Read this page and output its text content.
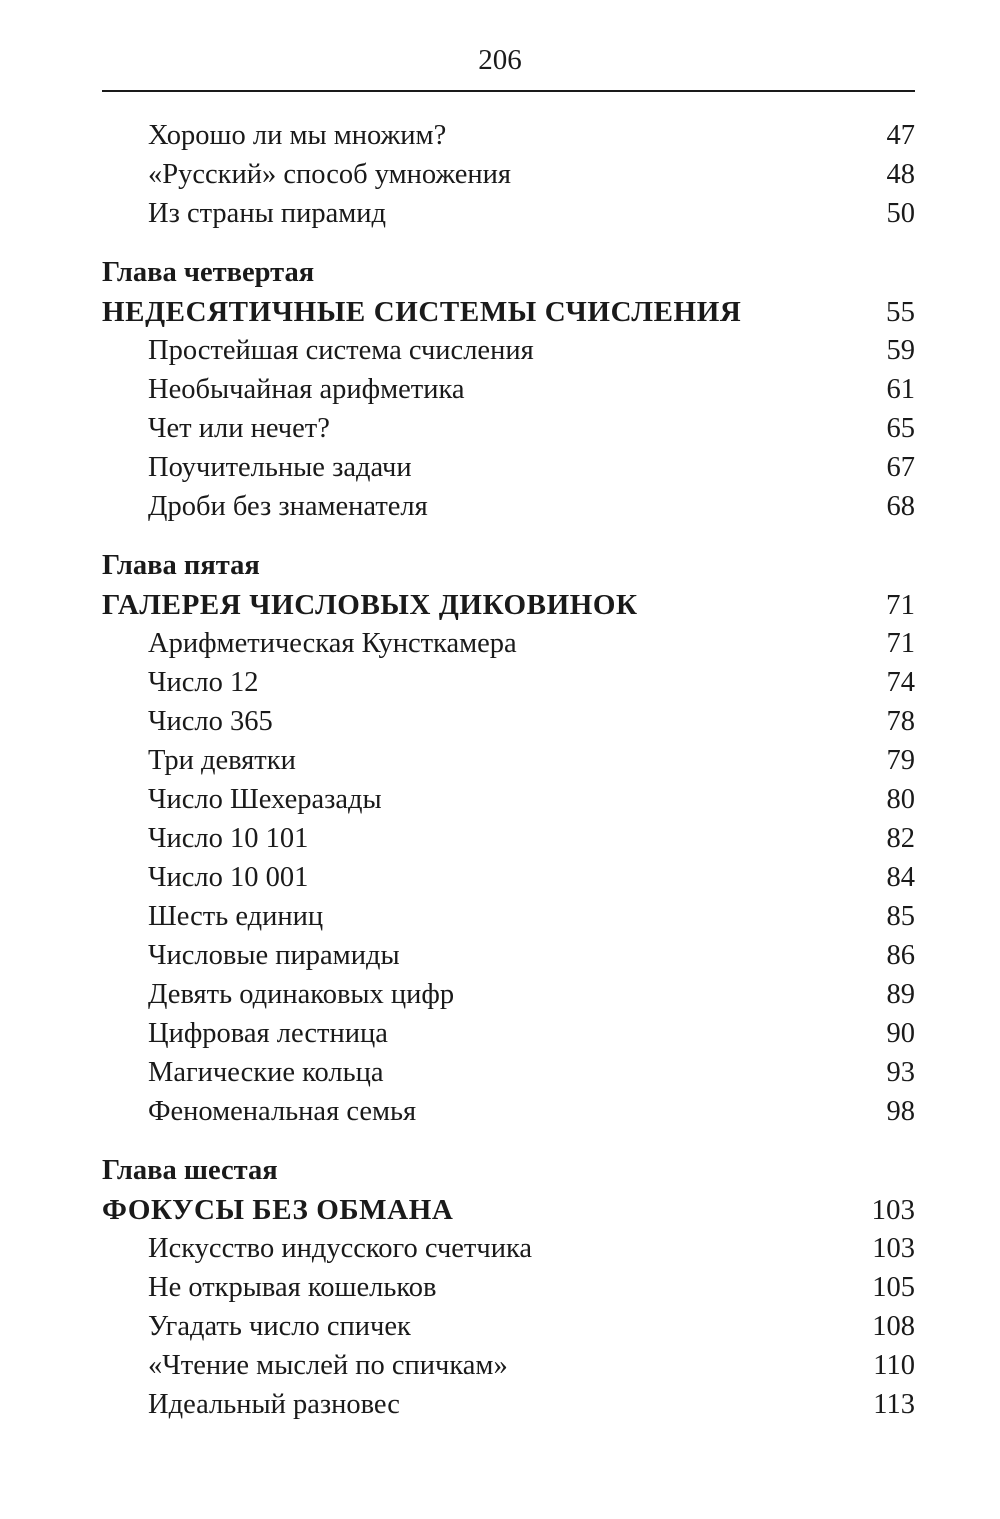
206
Хорошо ли мы множим?	47
«Русский» способ умножения	48
Из страны пирамид	50
Глава четвертая
НЕДЕСЯТИЧНЫЕ СИСТЕМЫ СЧИСЛЕНИЯ	55
Простейшая система счисления	59
Необычайная арифметика	61
Чет или нечет?	65
Поучительные задачи	67
Дроби без знаменателя	68
Глава пятая
ГАЛЕРЕЯ ЧИСЛОВЫХ ДИКОВИНОК	71
Арифметическая Кунсткамера	71
Число 12	74
Число 365	78
Три девятки	79
Число Шехеразады	80
Число 10 101	82
Число 10 001	84
Шесть единиц	85
Числовые пирамиды	86
Девять одинаковых цифр	89
Цифровая лестница	90
Магические кольца	93
Феноменальная семья	98
Глава шестая
ФОКУСЫ БЕЗ ОБМАНА	103
Искусство индусского счетчика	103
Не открывая кошельков	105
Угадать число спичек	108
«Чтение мыслей по спичкам»	110
Идеальный разновес	113
